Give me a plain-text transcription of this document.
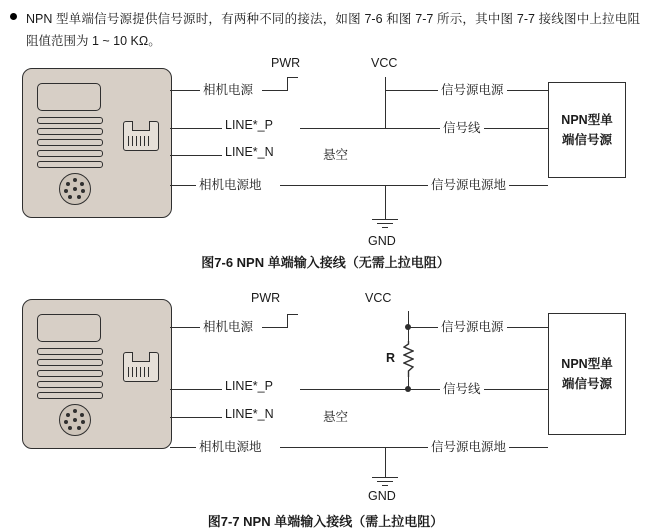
NPN 型单端信号源提供信号源时，有两种不同的接法，如图 7-6 和图 7-7 所示，其中图 7-7 接线图中上拉电阻阻值范围为 1 ~ 10 KΩ。
NPN型单
端信号源
相机电源
PWR
信号源电源
VCC
LINE*_P	信号线
LINE*_N	悬空
相机电源地	信号源电源地
GND
图7-6 NPN 单端输入接线（无需上拉电阻）
NPN型单
端信号源
相机电源
PWR
信号源电源
VCC
R
LINE*_P	信号线
LINE*_N	悬空
相机电源地	信号源电源地
GND
图7-7 NPN 单端输入接线（需上拉电阻）
